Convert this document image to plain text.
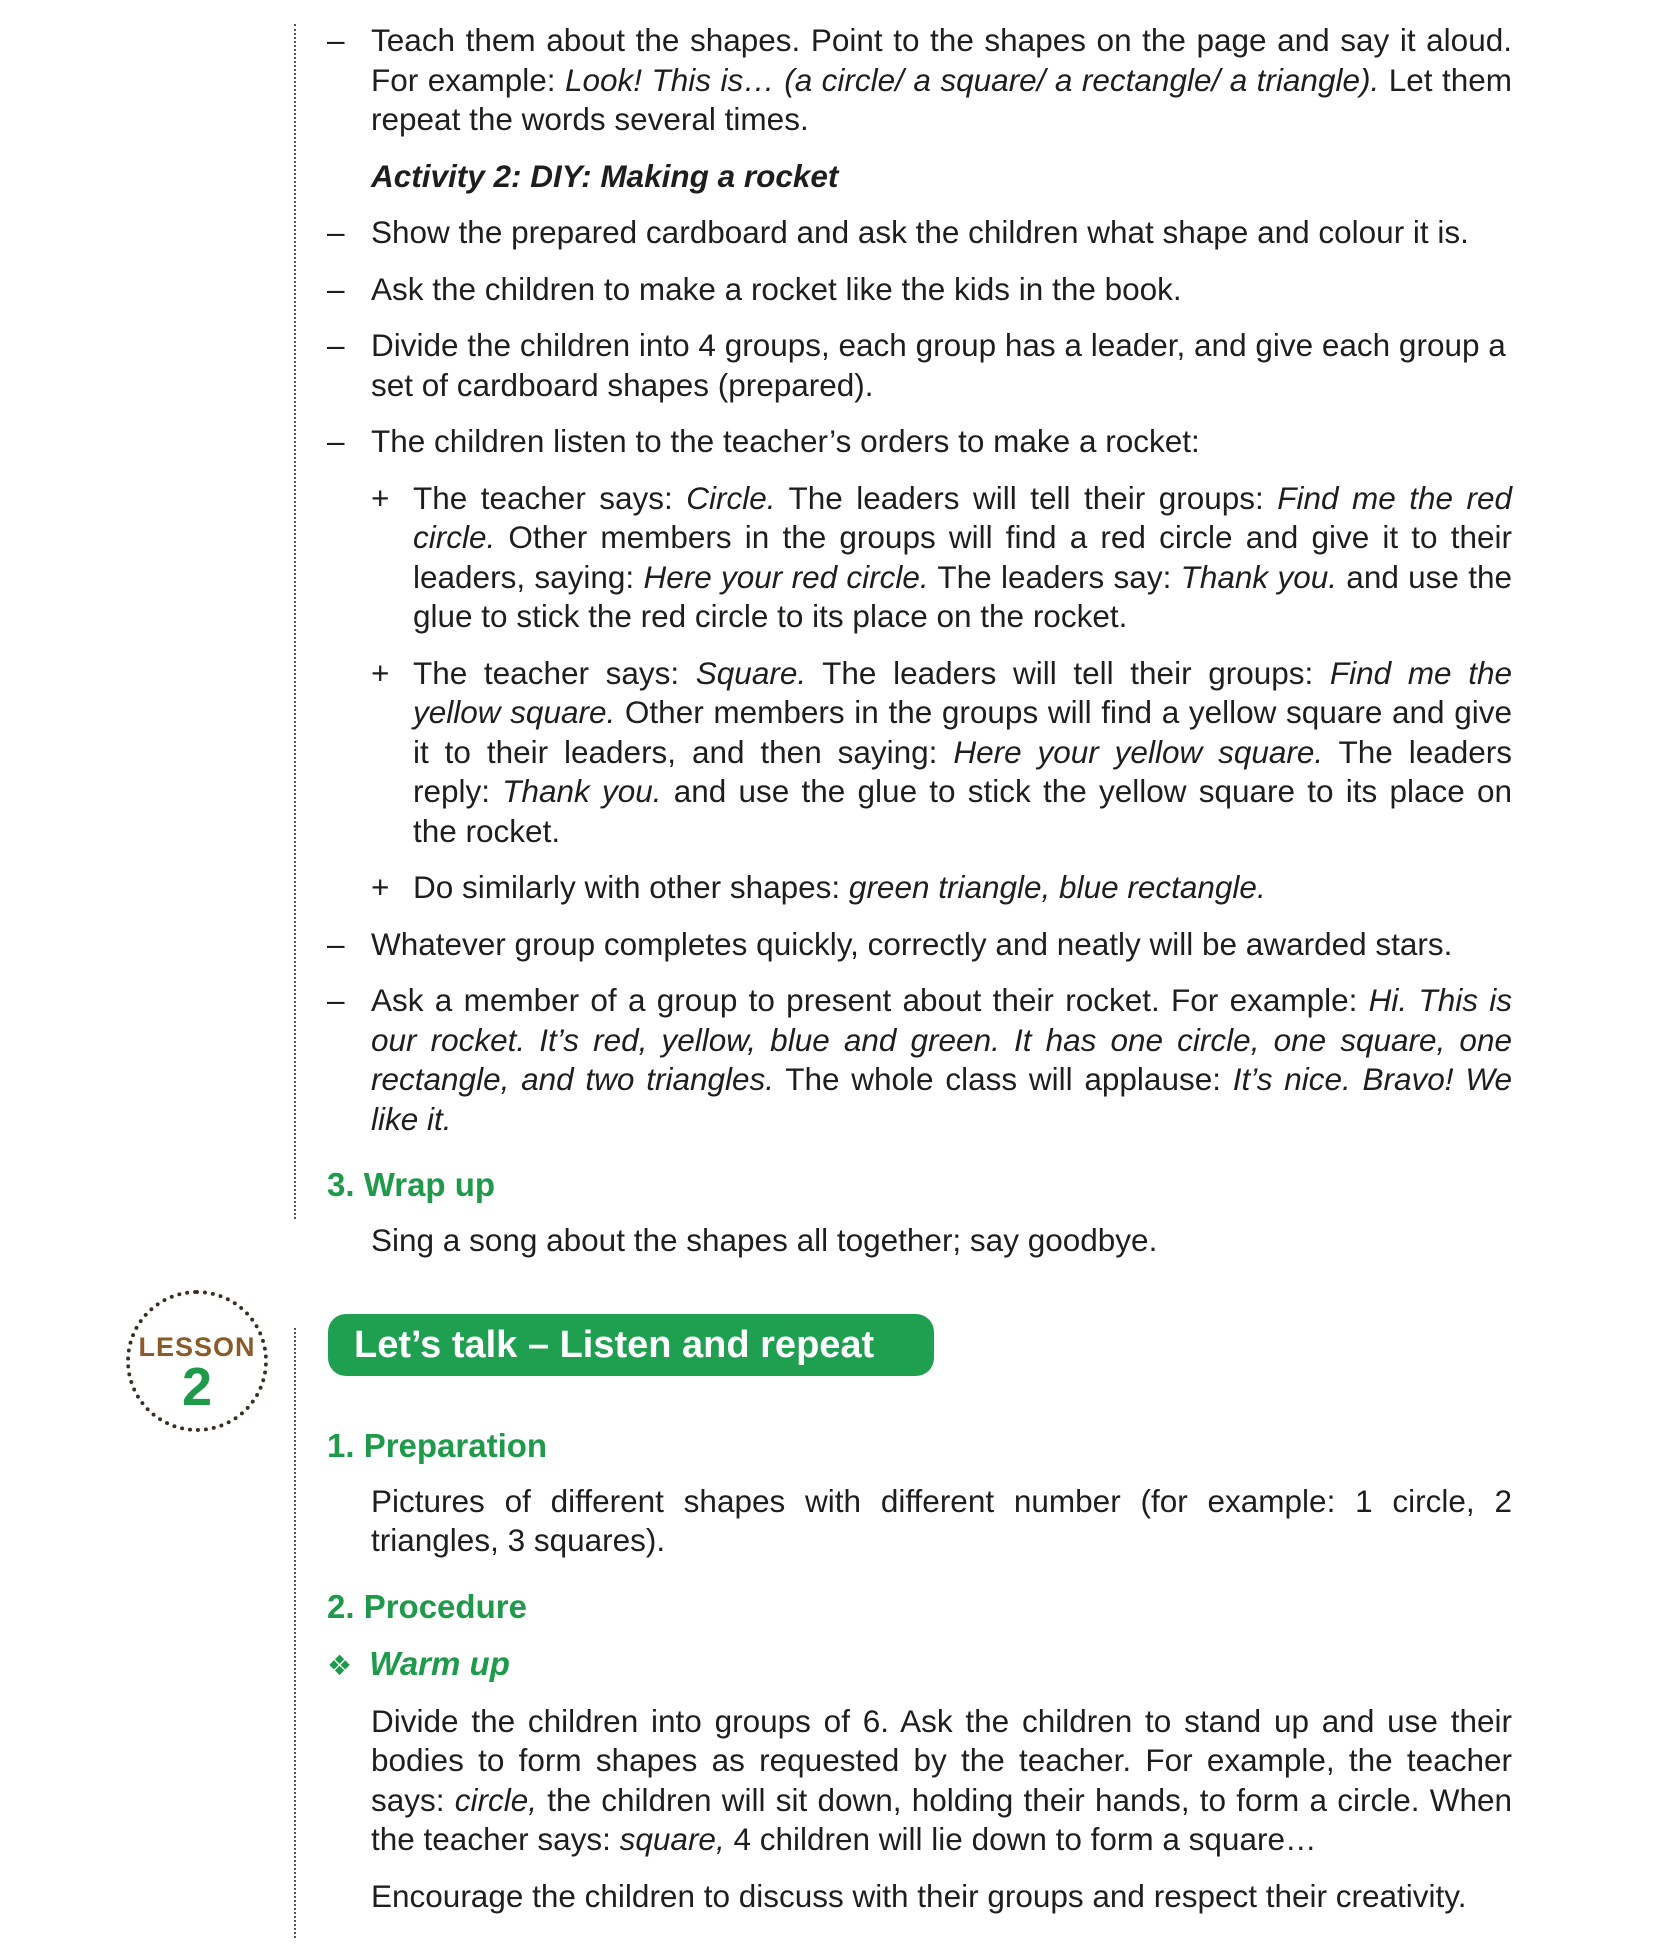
– Teach them about the shapes. Point to the shapes on the page and say it aloud. For example: Look! This is… (a circle/ a square/ a rectangle/ a triangle). Let them repeat the words several times.
Activity 2: DIY: Making a rocket
– Show the prepared cardboard and ask the children what shape and colour it is.
– Ask the children to make a rocket like the kids in the book.
– Divide the children into 4 groups, each group has a leader, and give each group a set of cardboard shapes (prepared).
– The children listen to the teacher’s orders to make a rocket:
+ The teacher says: Circle. The leaders will tell their groups: Find me the red circle. Other members in the groups will find a red circle and give it to their leaders, saying: Here your red circle. The leaders say: Thank you. and use the glue to stick the red circle to its place on the rocket.
+ The teacher says: Square. The leaders will tell their groups: Find me the yellow square. Other members in the groups will find a yellow square and give it to their leaders, and then saying: Here your yellow square. The leaders reply: Thank you. and use the glue to stick the yellow square to its place on the rocket.
+ Do similarly with other shapes: green triangle, blue rectangle.
– Whatever group completes quickly, correctly and neatly will be awarded stars.
– Ask a member of a group to present about their rocket. For example: Hi. This is our rocket. It’s red, yellow, blue and green. It has one circle, one square, one rectangle, and two triangles. The whole class will applause: It’s nice. Bravo! We like it.
3. Wrap up
Sing a song about the shapes all together; say goodbye.
LESSON
2
Let’s talk – Listen and repeat
1. Preparation
Pictures of different shapes with different number (for example: 1 circle, 2 triangles, 3 squares).
2. Procedure
❖ Warm up
Divide the children into groups of 6. Ask the children to stand up and use their bodies to form shapes as requested by the teacher. For example, the teacher says: circle, the children will sit down, holding their hands, to form a circle. When the teacher says: square, 4 children will lie down to form a square…
Encourage the children to discuss with their groups and respect their creativity.
